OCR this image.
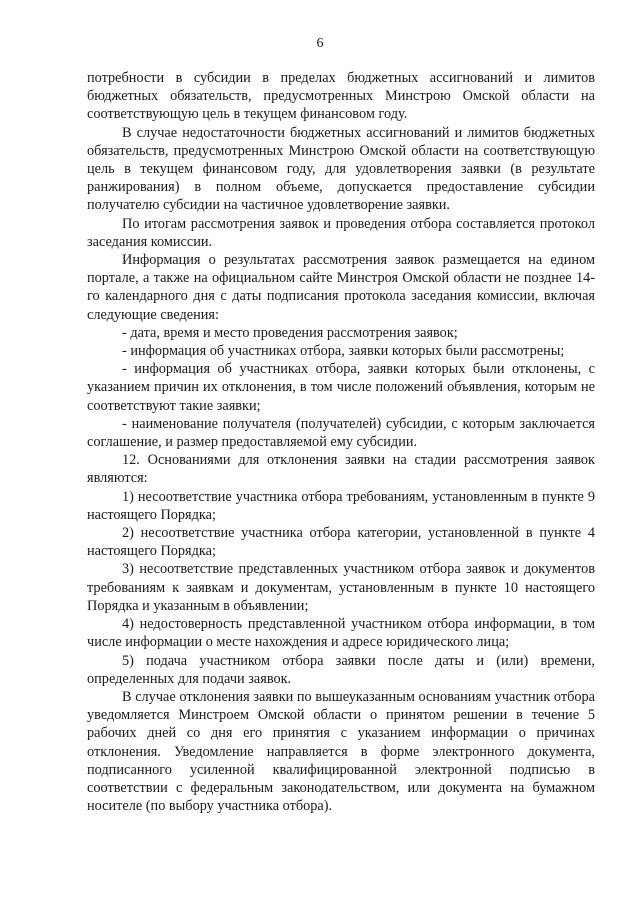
6

потребности в субсидии в пределах бюджетных ассигнований и лимитов бюджетных обязательств, предусмотренных Минстрою Омской области на соответствующую цель в текущем финансовом году.

В случае недостаточности бюджетных ассигнований и лимитов бюджетных обязательств, предусмотренных Минстрою Омской области на соответствующую цель в текущем финансовом году, для удовлетворения заявки (в результате ранжирования) в полном объеме, допускается предоставление субсидии получателю субсидии на частичное удовлетворение заявки.

По итогам рассмотрения заявок и проведения отбора составляется протокол заседания комиссии.

Информация о результатах рассмотрения заявок размещается на едином портале, а также на официальном сайте Минстроя Омской области не позднее 14-го календарного дня с даты подписания протокола заседания комиссии, включая следующие сведения:

- дата, время и место проведения рассмотрения заявок;

- информация об участниках отбора, заявки которых были рассмотрены;

- информация об участниках отбора, заявки которых были отклонены, с указанием причин их отклонения, в том числе положений объявления, которым не соответствуют такие заявки;

- наименование получателя (получателей) субсидии, с которым заключается соглашение, и размер предоставляемой ему субсидии.

12. Основаниями для отклонения заявки на стадии рассмотрения заявок являются:

1) несоответствие участника отбора требованиям, установленным в пункте 9 настоящего Порядка;

2) несоответствие участника отбора категории, установленной в пункте 4 настоящего Порядка;

3) несоответствие представленных участником отбора заявок и документов требованиям к заявкам и документам, установленным в пункте 10 настоящего Порядка и указанным в объявлении;

4) недостоверность представленной участником отбора информации, в том числе информации о месте нахождения и адресе юридического лица;

5) подача участником отбора заявки после даты и (или) времени, определенных для подачи заявок.

В случае отклонения заявки по вышеуказанным основаниям участник отбора уведомляется Минстроем Омской области о принятом решении в течение 5 рабочих дней со дня его принятия с указанием информации о причинах отклонения. Уведомление направляется в форме электронного документа, подписанного усиленной квалифицированной электронной подписью в соответствии с федеральным законодательством, или документа на бумажном носителе (по выбору участника отбора).
